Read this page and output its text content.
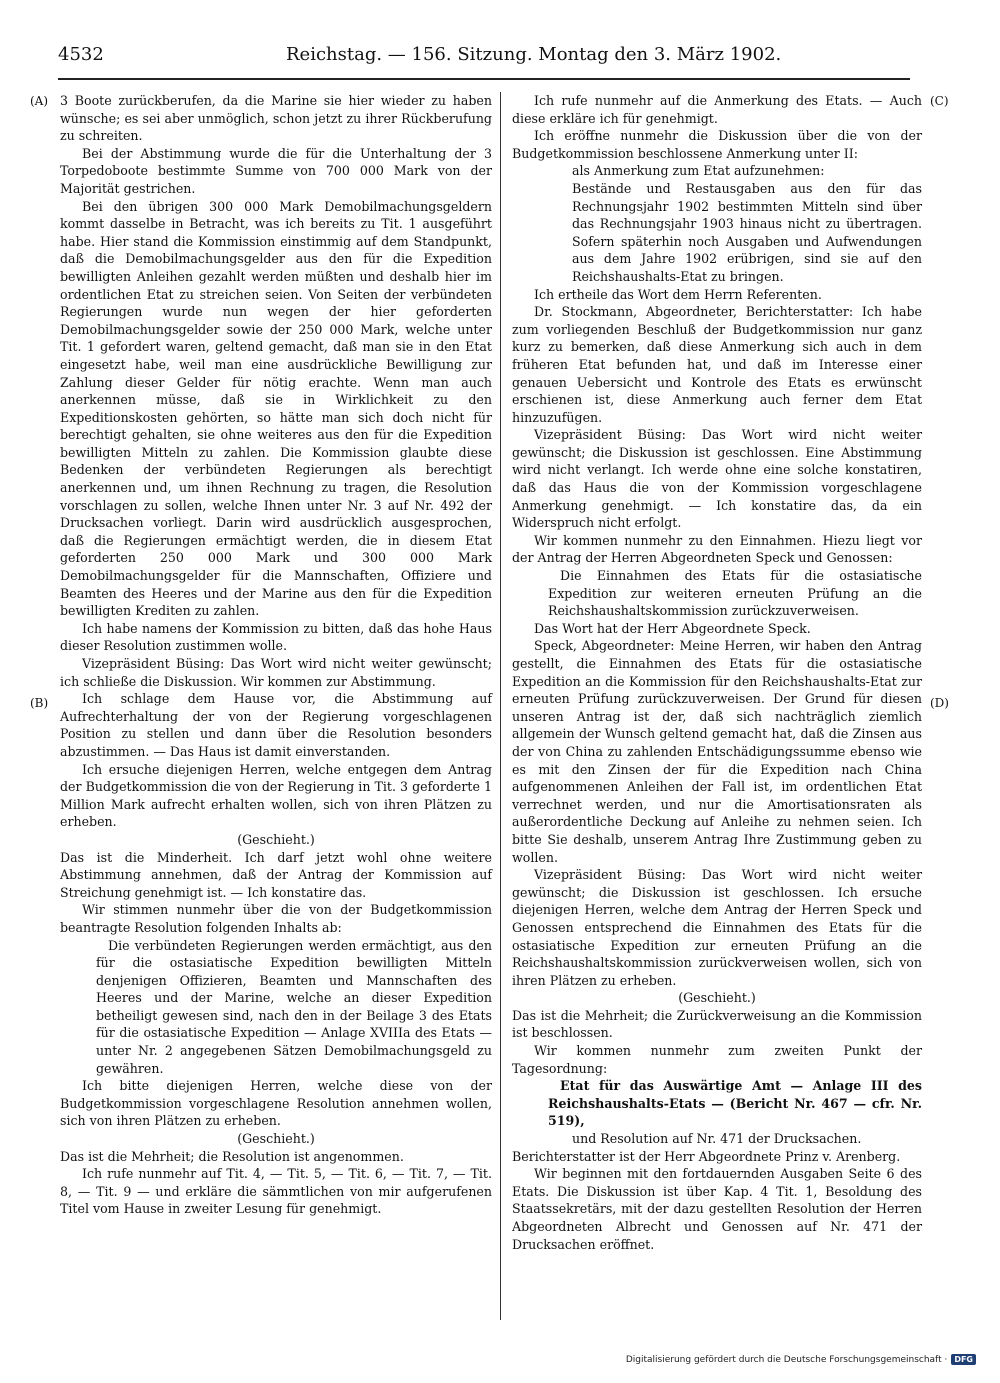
4532	Reichstag. — 156. Sitzung. Montag den 3. März 1902.
(A)
(B)
(C)
(D)

3 Boote zurückberufen, da die Marine sie hier wieder zu haben wünsche; es sei aber unmöglich, schon jetzt zu ihrer Rückberufung zu schreiten.

Bei der Abstimmung wurde die für die Unterhaltung der 3 Torpedoboote bestimmte Summe von 700 000 Mark von der Majorität gestrichen.

Bei den übrigen 300 000 Mark Demobilmachungsgeldern kommt dasselbe in Betracht, was ich bereits zu Tit. 1 ausgeführt habe. Hier stand die Kommission einstimmig auf dem Standpunkt, daß die Demobilmachungsgelder aus den für die Expedition bewilligten Anleihen gezahlt werden müßten und deshalb hier im ordentlichen Etat zu streichen seien. Von Seiten der verbündeten Regierungen wurde nun wegen der hier geforderten Demobilmachungsgelder sowie der 250 000 Mark, welche unter Tit. 1 gefordert waren, geltend gemacht, daß man sie in den Etat eingesetzt habe, weil man eine ausdrückliche Bewilligung zur Zahlung dieser Gelder für nötig erachte. Wenn man auch anerkennen müsse, daß sie in Wirklichkeit zu den Expeditionskosten gehörten, so hätte man sich doch nicht für berechtigt gehalten, sie ohne weiteres aus den für die Expedition bewilligten Mitteln zu zahlen. Die Kommission glaubte diese Bedenken der verbündeten Regierungen als berechtigt anerkennen und, um ihnen Rechnung zu tragen, die Resolution vorschlagen zu sollen, welche Ihnen unter Nr. 3 auf Nr. 492 der Drucksachen vorliegt. Darin wird ausdrücklich ausgesprochen, daß die Regierungen ermächtigt werden, die in diesem Etat geforderten 250 000 Mark und 300 000 Mark Demobilmachungsgelder für die Mannschaften, Offiziere und Beamten des Heeres und der Marine aus den für die Expedition bewilligten Krediten zu zahlen.

Ich habe namens der Kommission zu bitten, daß das hohe Haus dieser Resolution zustimmen wolle.

Vizepräsident Büsing: Das Wort wird nicht weiter gewünscht; ich schließe die Diskussion. Wir kommen zur Abstimmung.

Ich schlage dem Hause vor, die Abstimmung auf Aufrechterhaltung der von der Regierung vorgeschlagenen Position zu stellen und dann über die Resolution besonders abzustimmen. — Das Haus ist damit einverstanden.

Ich ersuche diejenigen Herren, welche entgegen dem Antrag der Budgetkommission die von der Regierung in Tit. 3 geforderte 1 Million Mark aufrecht erhalten wollen, sich von ihren Plätzen zu erheben.

(Geschieht.)

Das ist die Minderheit. Ich darf jetzt wohl ohne weitere Abstimmung annehmen, daß der Antrag der Kommission auf Streichung genehmigt ist. — Ich konstatire das.

Wir stimmen nunmehr über die von der Budgetkommission beantragte Resolution folgenden Inhalts ab:

Die verbündeten Regierungen werden ermächtigt, aus den für die ostasiatische Expedition bewilligten Mitteln denjenigen Offizieren, Beamten und Mannschaften des Heeres und der Marine, welche an dieser Expedition betheiligt gewesen sind, nach den in der Beilage 3 des Etats für die ostasiatische Expedition — Anlage XVIIIa des Etats — unter Nr. 2 angegebenen Sätzen Demobilmachungsgeld zu gewähren.

Ich bitte diejenigen Herren, welche diese von der Budgetkommission vorgeschlagene Resolution annehmen wollen, sich von ihren Plätzen zu erheben.

(Geschieht.)

Das ist die Mehrheit; die Resolution ist angenommen.

Ich rufe nunmehr auf Tit. 4, — Tit. 5, — Tit. 6, — Tit. 7, — Tit. 8, — Tit. 9 — und erkläre die sämmtlichen von mir aufgerufenen Titel vom Hause in zweiter Lesung für genehmigt.

Ich rufe nunmehr auf die Anmerkung des Etats. — Auch diese erkläre ich für genehmigt.

Ich eröffne nunmehr die Diskussion über die von der Budgetkommission beschlossene Anmerkung unter II:

als Anmerkung zum Etat aufzunehmen:

Bestände und Restausgaben aus den für das Rechnungsjahr 1902 bestimmten Mitteln sind über das Rechnungsjahr 1903 hinaus nicht zu übertragen. Sofern späterhin noch Ausgaben und Aufwendungen aus dem Jahre 1902 erübrigen, sind sie auf den Reichshaushalts-Etat zu bringen.

Ich ertheile das Wort dem Herrn Referenten.

Dr. Stockmann, Abgeordneter, Berichterstatter: Ich habe zum vorliegenden Beschluß der Budgetkommission nur ganz kurz zu bemerken, daß diese Anmerkung sich auch in dem früheren Etat befunden hat, und daß im Interesse einer genauen Uebersicht und Kontrole des Etats es erwünscht erschienen ist, diese Anmerkung auch ferner dem Etat hinzuzufügen.

Vizepräsident Büsing: Das Wort wird nicht weiter gewünscht; die Diskussion ist geschlossen. Eine Abstimmung wird nicht verlangt. Ich werde ohne eine solche konstatiren, daß das Haus die von der Kommission vorgeschlagene Anmerkung genehmigt. — Ich konstatire das, da ein Widerspruch nicht erfolgt.

Wir kommen nunmehr zu den Einnahmen. Hiezu liegt vor der Antrag der Herren Abgeordneten Speck und Genossen:

Die Einnahmen des Etats für die ostasiatische Expedition zur weiteren erneuten Prüfung an die Reichshaushaltskommission zurückzuverweisen.

Das Wort hat der Herr Abgeordnete Speck.

Speck, Abgeordneter: Meine Herren, wir haben den Antrag gestellt, die Einnahmen des Etats für die ostasiatische Expedition an die Kommission für den Reichshaushalts-Etat zur erneuten Prüfung zurückzuverweisen. Der Grund für diesen unseren Antrag ist der, daß sich nachträglich ziemlich allgemein der Wunsch geltend gemacht hat, daß die Zinsen aus der von China zu zahlenden Entschädigungssumme ebenso wie es mit den Zinsen der für die Expedition nach China aufgenommenen Anleihen der Fall ist, im ordentlichen Etat verrechnet werden, und nur die Amortisationsraten als außerordentliche Deckung auf Anleihe zu nehmen seien. Ich bitte Sie deshalb, unserem Antrag Ihre Zustimmung geben zu wollen.

Vizepräsident Büsing: Das Wort wird nicht weiter gewünscht; die Diskussion ist geschlossen. Ich ersuche diejenigen Herren, welche dem Antrag der Herren Speck und Genossen entsprechend die Einnahmen des Etats für die ostasiatische Expedition zur erneuten Prüfung an die Reichshaushaltskommission zurückverweisen wollen, sich von ihren Plätzen zu erheben.

(Geschieht.)

Das ist die Mehrheit; die Zurückverweisung an die Kommission ist beschlossen.

Wir kommen nunmehr zum zweiten Punkt der Tagesordnung:

Etat für das Auswärtige Amt — Anlage III des Reichshaushalts-Etats — (Bericht Nr. 467 — cfr. Nr. 519),

und Resolution auf Nr. 471 der Drucksachen.

Berichterstatter ist der Herr Abgeordnete Prinz v. Arenberg.

Wir beginnen mit den fortdauernden Ausgaben Seite 6 des Etats. Die Diskussion ist über Kap. 4 Tit. 1, Besoldung des Staatssekretärs, mit der dazu gestellten Resolution der Herren Abgeordneten Albrecht und Genossen auf Nr. 471 der Drucksachen eröffnet.

Digitalisierung gefördert durch die Deutsche Forschungsgemeinschaft · DFG
